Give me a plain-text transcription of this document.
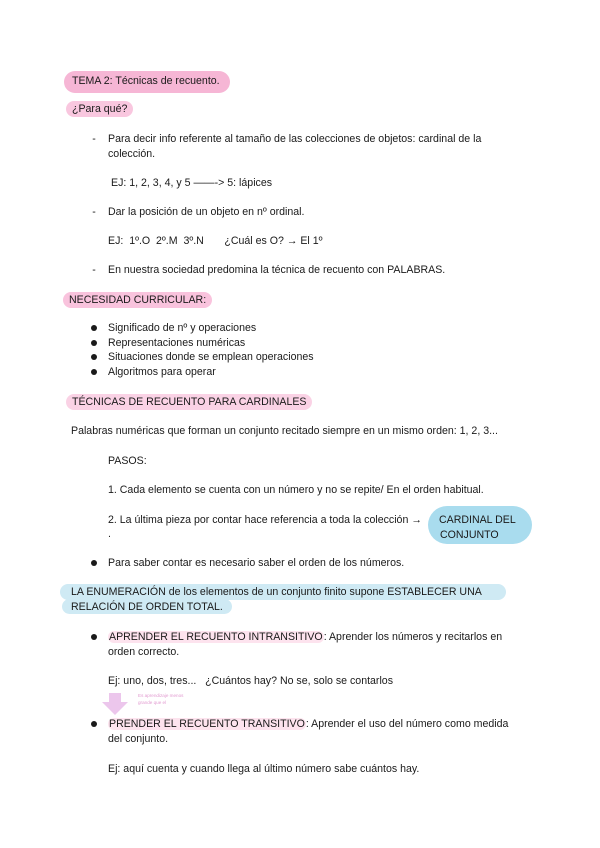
TEMA 2: Técnicas de recuento.
¿Para qué?
- Para decir info referente al tamaño de las colecciones de objetos: cardinal de la
colección.
EJ: 1, 2, 3, 4, y 5 ——-> 5: lápices
- Dar la posición de un objeto en nº ordinal.
EJ:  1º.O  2º.M  3º.N       ¿Cuál es O? → El 1º
- En nuestra sociedad predomina la técnica de recuento con PALABRAS.
NECESIDAD CURRICULAR:
Significado de nº y operaciones
Representaciones numéricas
Situaciones donde se emplean operaciones
Algoritmos para operar
TÉCNICAS DE RECUENTO PARA CARDINALES
Palabras numéricas que forman un conjunto recitado siempre en un mismo orden: 1, 2, 3...
PASOS:
1. Cada elemento se cuenta con un número y no se repite/ En el orden habitual.
2. La última pieza por contar hace referencia a toda la colección →
.
CARDINAL DEL
CONJUNTO
Para saber contar es necesario saber el orden de los números.
LA ENUMERACIÓN de los elementos de un conjunto finito supone ESTABLECER UNA
RELACIÓN DE ORDEN TOTAL.
APRENDER EL RECUENTO INTRANSITIVO: Aprender los números y recitarlos en
orden correcto.
Ej: uno, dos, tres...   ¿Cuántos hay? No se, solo se contarlos
Es aprendizaje menos
grande que el
PRENDER EL RECUENTO TRANSITIVO: Aprender el uso del número como medida
del conjunto.
Ej: aquí cuenta y cuando llega al último número sabe cuántos hay.
